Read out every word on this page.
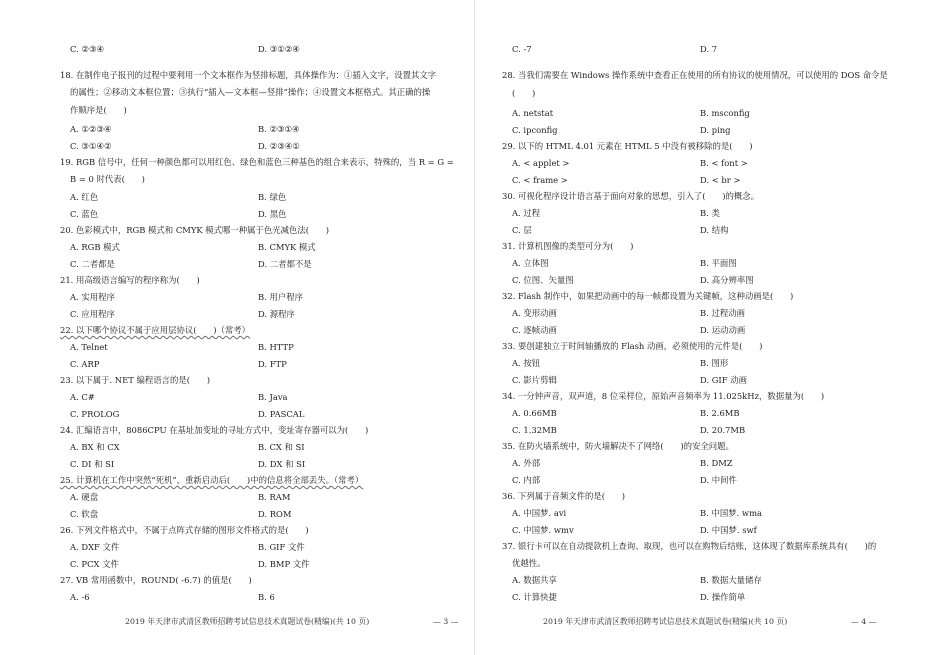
C. ②③④	D. ③①②④
18. 在制作电子报刊的过程中要利用一个文本框作为竖排标题，具体操作为：①插入文字，设置其文字
的属性；②移动文本框位置；③执行“插入—文本框—竖排”操作；④设置文本框格式。其正确的操
作顺序是(　　)
A. ①②③④	B. ②③①④
C. ③①④②	D. ②③④①
19. RGB 信号中，任何一种颜色都可以用红色、绿色和蓝色三种基色的组合来表示，特殊的，当 R = G =
B = 0 时代表(　　)
A. 红色	B. 绿色
C. 蓝色	D. 黑色
20. 色彩模式中，RGB 模式和 CMYK 模式哪一种属于色光减色法(　　)
A. RGB 模式	B. CMYK 模式
C. 二者都是	D. 二者都不是
21. 用高级语言编写的程序称为(　　)
A. 实用程序	B. 用户程序
C. 应用程序	D. 源程序
22. 以下哪个协议不属于应用层协议(　　)（常考）
A. Telnet	B. HTTP
C. ARP	D. FTP
23. 以下属于. NET 编程语言的是(　　)
A. C#	B. Java
C. PROLOG	D. PASCAL
24. 汇编语言中，8086CPU 在基址加变址的寻址方式中，变址寄存器可以为(　　)
A. BX 和 CX	B. CX 和 SI
C. DI 和 SI	D. DX 和 SI
25. 计算机在工作中突然“死机”，重新启动后(　　)中的信息将全部丢失。（常考）
A. 硬盘	B. RAM
C. 软盘	D. ROM
26. 下列文件格式中，不属于点阵式存储的图形文件格式的是(　　)
A. DXF 文件	B. GIF 文件
C. PCX 文件	D. BMP 文件
27. VB 常用函数中，ROUND( -6.7) 的值是(　　)
A. -6	B. 6
2019 年天津市武清区教师招聘考试信息技术真题试卷(精编)(共 10 页)	— 3 —
C. -7	D. 7
28. 当我们需要在 Windows 操作系统中查看正在使用的所有协议的使用情况，可以使用的 DOS 命令是
(　　)
A. netstat	B. msconfig
C. ipconfig	D. ping
29. 以下的 HTML 4.01 元素在 HTML 5 中没有被移除的是(　　)
A. < applet >	B. < font >
C. < frame >	D. < br >
30. 可视化程序设计语言基于面向对象的思想，引入了(　　)的概念。
A. 过程	B. 类
C. 层	D. 结构
31. 计算机图像的类型可分为(　　)
A. 立体图	B. 平面图
C. 位图、矢量图	D. 高分辨率图
32. Flash 制作中，如果把动画中的每一帧都设置为关键帧，这种动画是(　　)
A. 变形动画	B. 过程动画
C. 逐帧动画	D. 运动动画
33. 要创建独立于时间轴播放的 Flash 动画，必须使用的元件是(　　)
A. 按钮	B. 图形
C. 影片剪辑	D. GIF 动画
34. 一分钟声音，双声道，8 位采样位，原始声音频率为 11.025kHz，数据量为(　　)
A. 0.66MB	B. 2.6MB
C. 1.32MB	D. 20.7MB
35. 在防火墙系统中，防火墙解决不了网络(　　)的安全问题。
A. 外部	B. DMZ
C. 内部	D. 中间件
36. 下列属于音频文件的是(　　)
A. 中国梦. avi	B. 中国梦. wma
C. 中国梦. wmv	D. 中国梦. swf
37. 银行卡可以在自动提款机上查询、取现，也可以在购物后结账，这体现了数据库系统具有(　　)的
优越性。
A. 数据共享	B. 数据大量储存
C. 计算快捷	D. 操作简单
2019 年天津市武清区教师招聘考试信息技术真题试卷(精编)(共 10 页)	— 4 —
